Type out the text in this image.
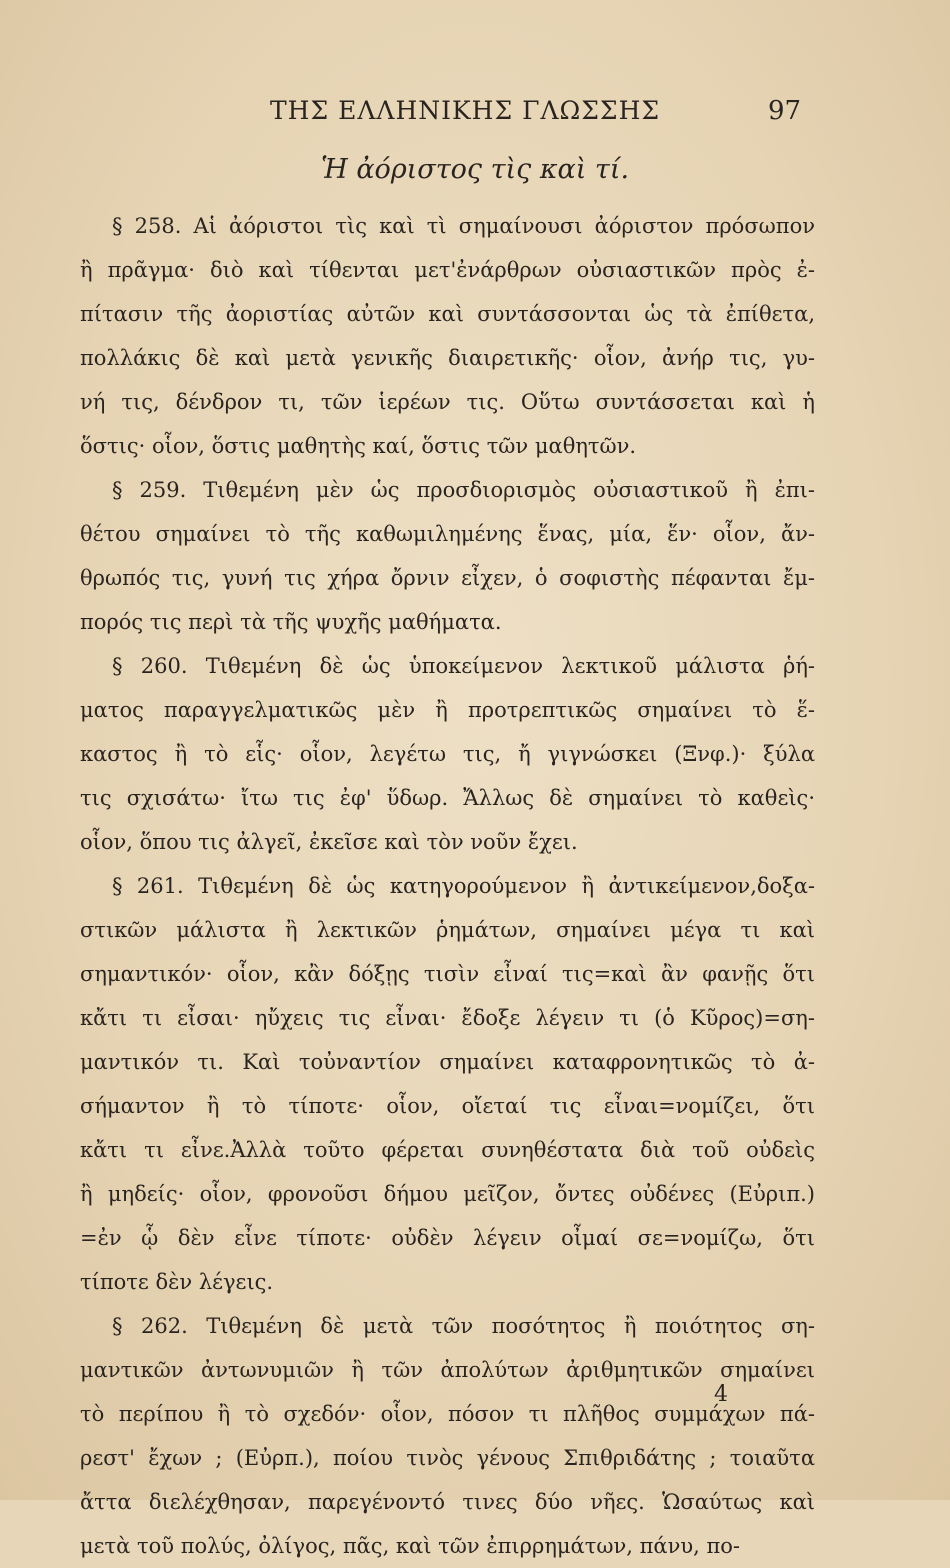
ΤΗΣ ΕΛΛΗΝΙΚΗΣ ΓΛΩΣΣΗΣ	97
Ἡ ἀόριστος τὶς καὶ τί.
§ 258. Αἱ ἀόριστοι τὶς καὶ τὶ σημαίνουσι ἀόριστον πρόσωπον
ἢ πρᾶγμα· διὸ καὶ τίθενται μετ'ἐνάρθρων οὐσιαστικῶν πρὸς ἐ-
πίτασιν τῆς ἀοριστίας αὐτῶν καὶ συντάσσονται ὡς τὰ ἐπίθετα,
πολλάκις δὲ καὶ μετὰ γενικῆς διαιρετικῆς· οἷον, ἀνήρ τις, γυ-
νή τις, δένδρον τι, τῶν ἱερέων τις. Οὕτω συντάσσεται καὶ ἡ
ὅστις· οἷον, ὅστις μαθητὴς καί, ὅστις τῶν μαθητῶν.
§ 259. Τιθεμένη μὲν ὡς προσδιορισμὸς οὐσιαστικοῦ ἢ ἐπι-
θέτου σημαίνει τὸ τῆς καθωμιλημένης ἕνας, μία, ἕν· οἷον, ἄν-
θρωπός τις, γυνή τις χήρα ὄρνιν εἶχεν, ὁ σοφιστὴς πέφανται ἔμ-
πορός τις περὶ τὰ τῆς ψυχῆς μαθήματα.
§ 260. Τιθεμένη δὲ ὡς ὑποκείμενον λεκτικοῦ μάλιστα ῥή-
ματος παραγγελματικῶς μὲν ἢ προτρεπτικῶς σημαίνει τὸ ἕ-
καστος ἢ τὸ εἷς· οἷον, λεγέτω τις, ἤ γιγνώσκει (Ξνφ.)· ξύλα
τις σχισάτω· ἴτω τις ἐφ' ὕδωρ. Ἄλλως δὲ σημαίνει τὸ καθεὶς·
οἷον, ὅπου τις ἀλγεῖ, ἐκεῖσε καὶ τὸν νοῦν ἔχει.
§ 261. Τιθεμένη δὲ ὡς κατηγορούμενον ἢ ἀντικείμενον,δοξα-
στικῶν μάλιστα ἢ λεκτικῶν ῥημάτων, σημαίνει μέγα τι καὶ
σημαντικόν· οἷον, κἂν δόξῃς τισὶν εἶναί τις=καὶ ἂν φανῇς ὅτι
κἄτι τι εἶσαι· ηὔχεις τις εἶναι· ἔδοξε λέγειν τι (ὁ Κῦρος)=ση-
μαντικόν τι. Καὶ τοὐναντίον σημαίνει καταφρονητικῶς τὸ ἀ-
σήμαντον ἢ τὸ τίποτε· οἷον, οἴεταί τις εἶναι=νομίζει, ὅτι
κἄτι τι εἶνε.Ἀλλὰ τοῦτο φέρεται συνηθέστατα διὰ τοῦ οὐδεὶς
ἢ μηδείς· οἷον, φρονοῦσι δήμου μεῖζον, ὄντες οὐδένες (Εὐριπ.)
=ἐν ᾧ δὲν εἶνε τίποτε· οὐδὲν λέγειν οἶμαί σε=νομίζω, ὅτι
τίποτε δὲν λέγεις.
§ 262. Τιθεμένη δὲ μετὰ τῶν ποσότητος ἢ ποιότητος ση-
μαντικῶν ἀντωνυμιῶν ἢ τῶν ἀπολύτων ἀριθμητικῶν σημαίνει
τὸ περίπου ἢ τὸ σχεδόν· οἷον, πόσον τι πλῆθος συμμάχων πά-
ρεστ' ἔχων ; (Εὐρπ.), ποίου τινὸς γένους Σπιθριδάτης ; τοιαῦτα
ἄττα διελέχθησαν, παρεγένοντό τινες δύο νῆες. Ὡσαύτως καὶ
μετὰ τοῦ πολύς, ὀλίγος, πᾶς, καὶ τῶν ἐπιρρημάτων, πάνυ, πο-
4
